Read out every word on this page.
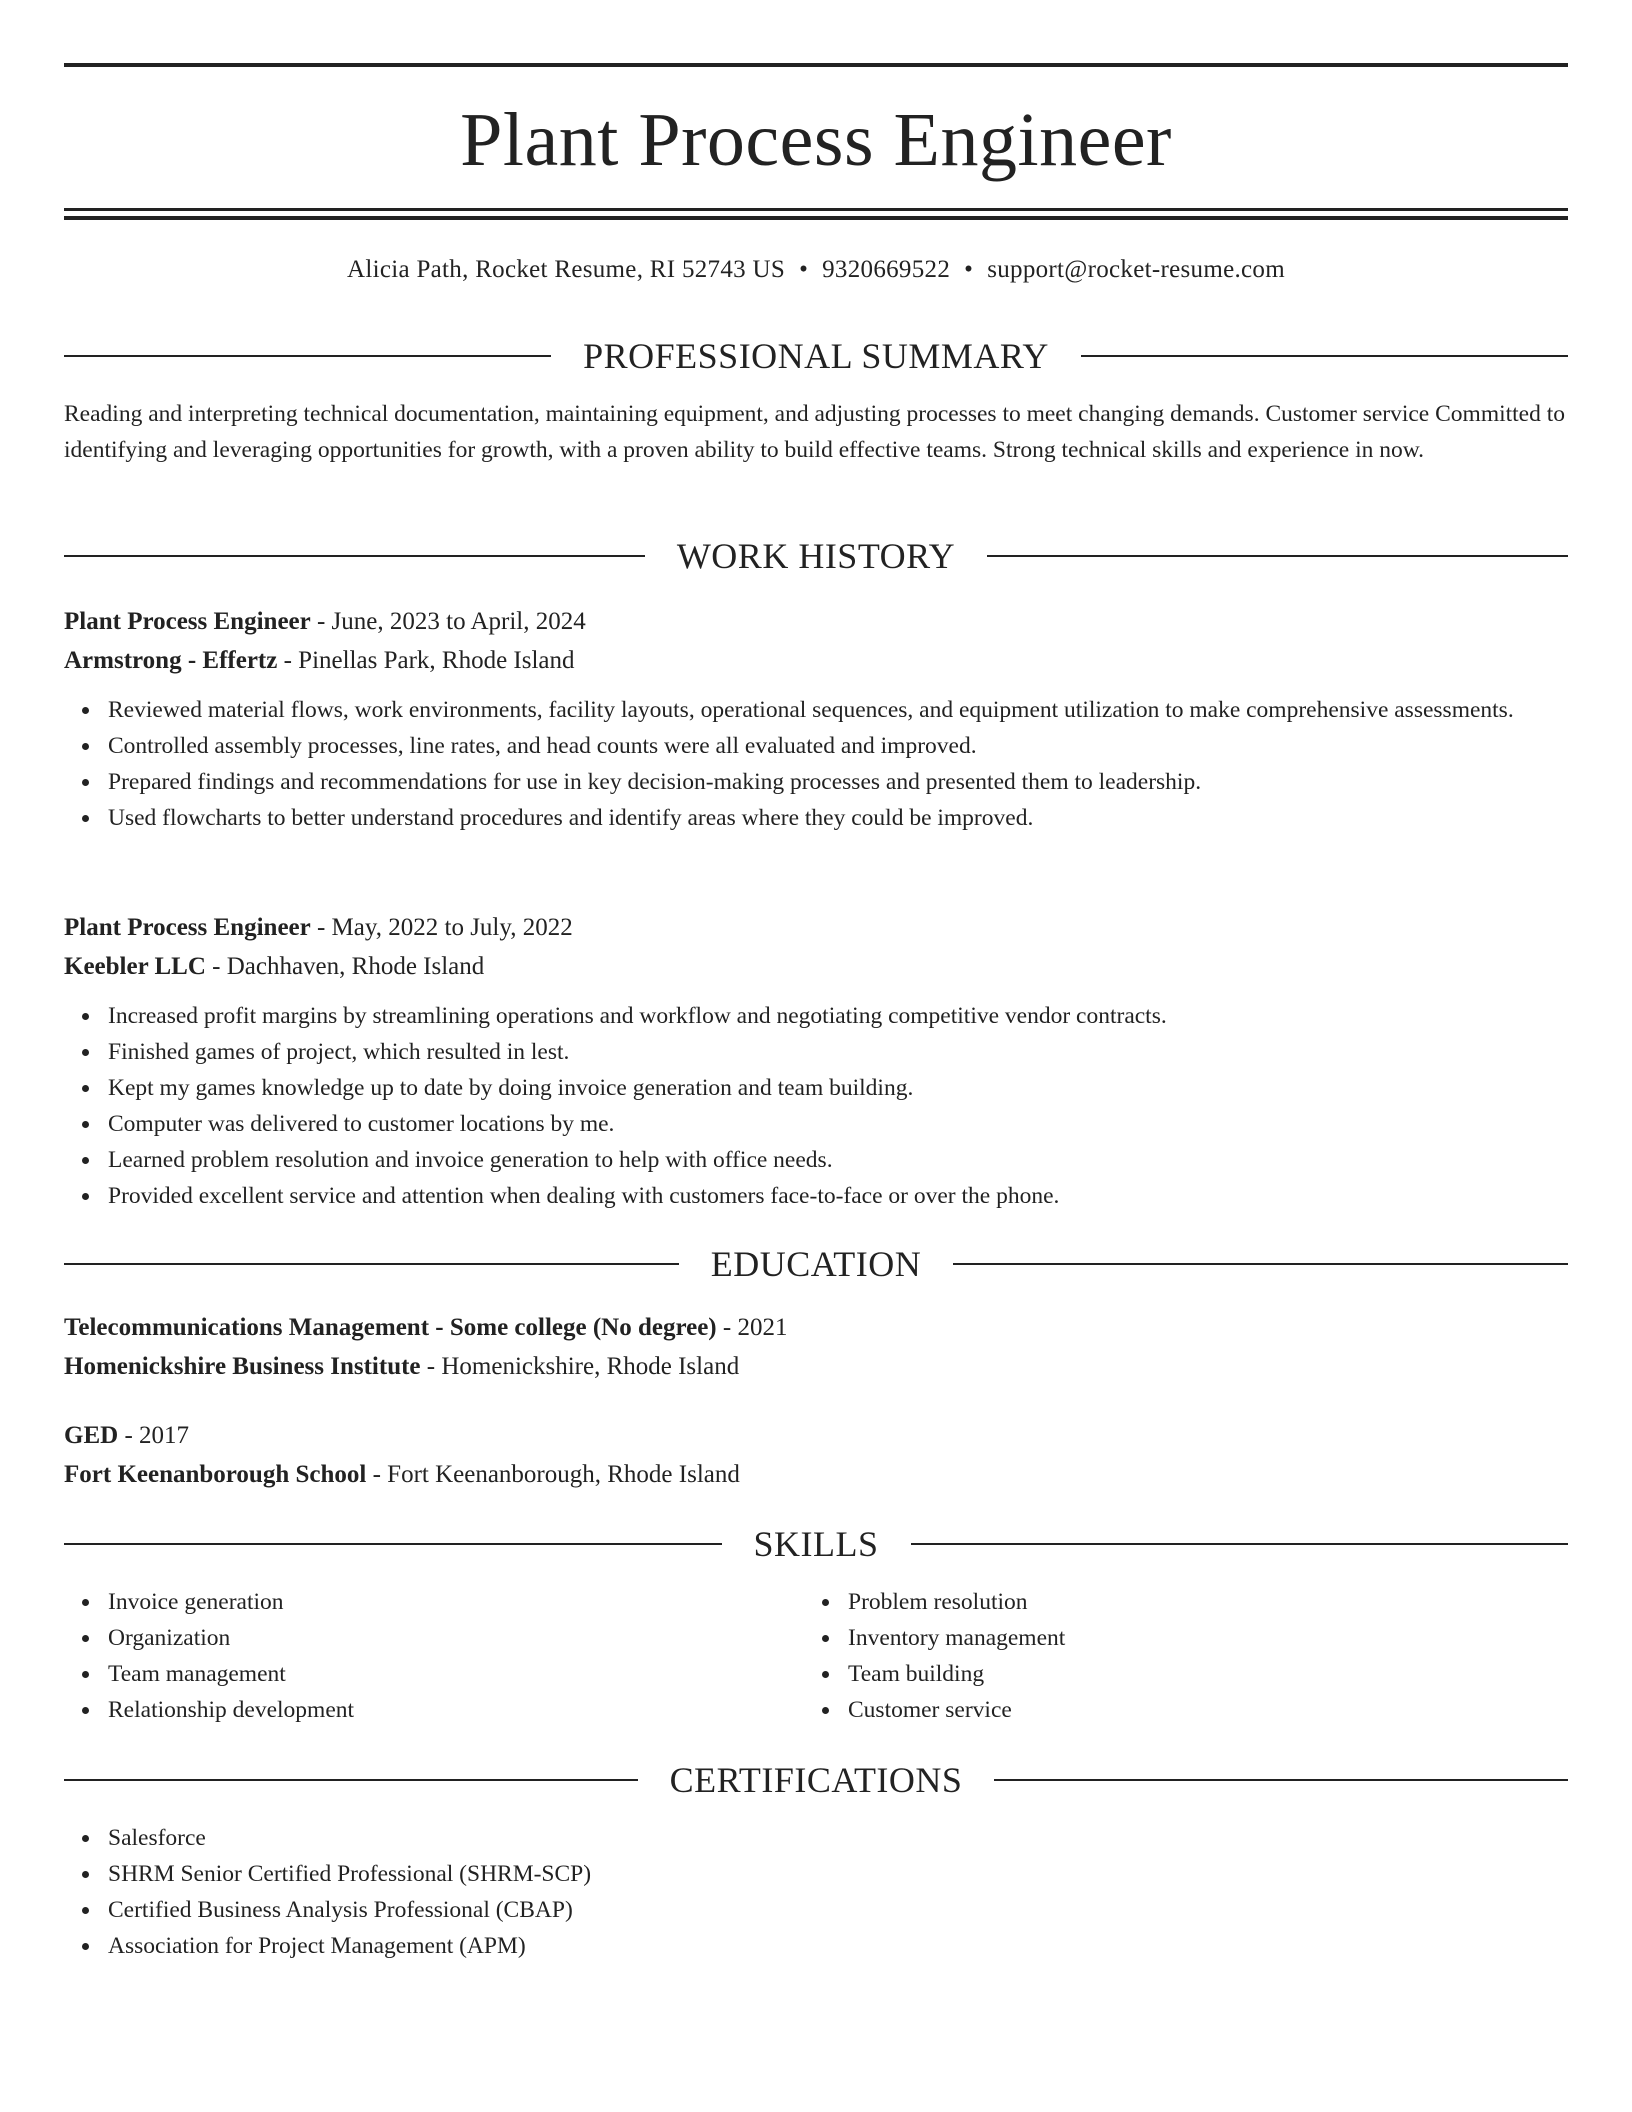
Plant Process Engineer
Alicia Path, Rocket Resume, RI 52743 US • 9320669522 • support@rocket-resume.com
PROFESSIONAL SUMMARY

Reading and interpreting technical documentation, maintaining equipment, and adjusting processes to meet changing demands. Customer service Committed to identifying and leveraging opportunities for growth, with a proven ability to build effective teams. Strong technical skills and experience in now.

WORK HISTORY

Plant Process Engineer - June, 2023 to April, 2024

Armstrong - Effertz - Pinellas Park, Rhode Island

Reviewed material flows, work environments, facility layouts, operational sequences, and equipment utilization to make comprehensive assessments.
Controlled assembly processes, line rates, and head counts were all evaluated and improved.
Prepared findings and recommendations for use in key decision-making processes and presented them to leadership.
Used flowcharts to better understand procedures and identify areas where they could be improved.

Plant Process Engineer - May, 2022 to July, 2022

Keebler LLC - Dachhaven, Rhode Island

Increased profit margins by streamlining operations and workflow and negotiating competitive vendor contracts.
Finished games of project, which resulted in lest.
Kept my games knowledge up to date by doing invoice generation and team building.
Computer was delivered to customer locations by me.
Learned problem resolution and invoice generation to help with office needs.
Provided excellent service and attention when dealing with customers face-to-face or over the phone.
EDUCATION

Telecommunications Management - Some college (No degree) - 2021

Homenickshire Business Institute - Homenickshire, Rhode Island

GED - 2017

Fort Keenanborough School - Fort Keenanborough, Rhode Island

SKILLS
Invoice generation
Organization
Team management
Relationship development
Problem resolution
Inventory management
Team building
Customer service
CERTIFICATIONS
Salesforce
SHRM Senior Certified Professional (SHRM-SCP)
Certified Business Analysis Professional (CBAP)
Association for Project Management (APM)
